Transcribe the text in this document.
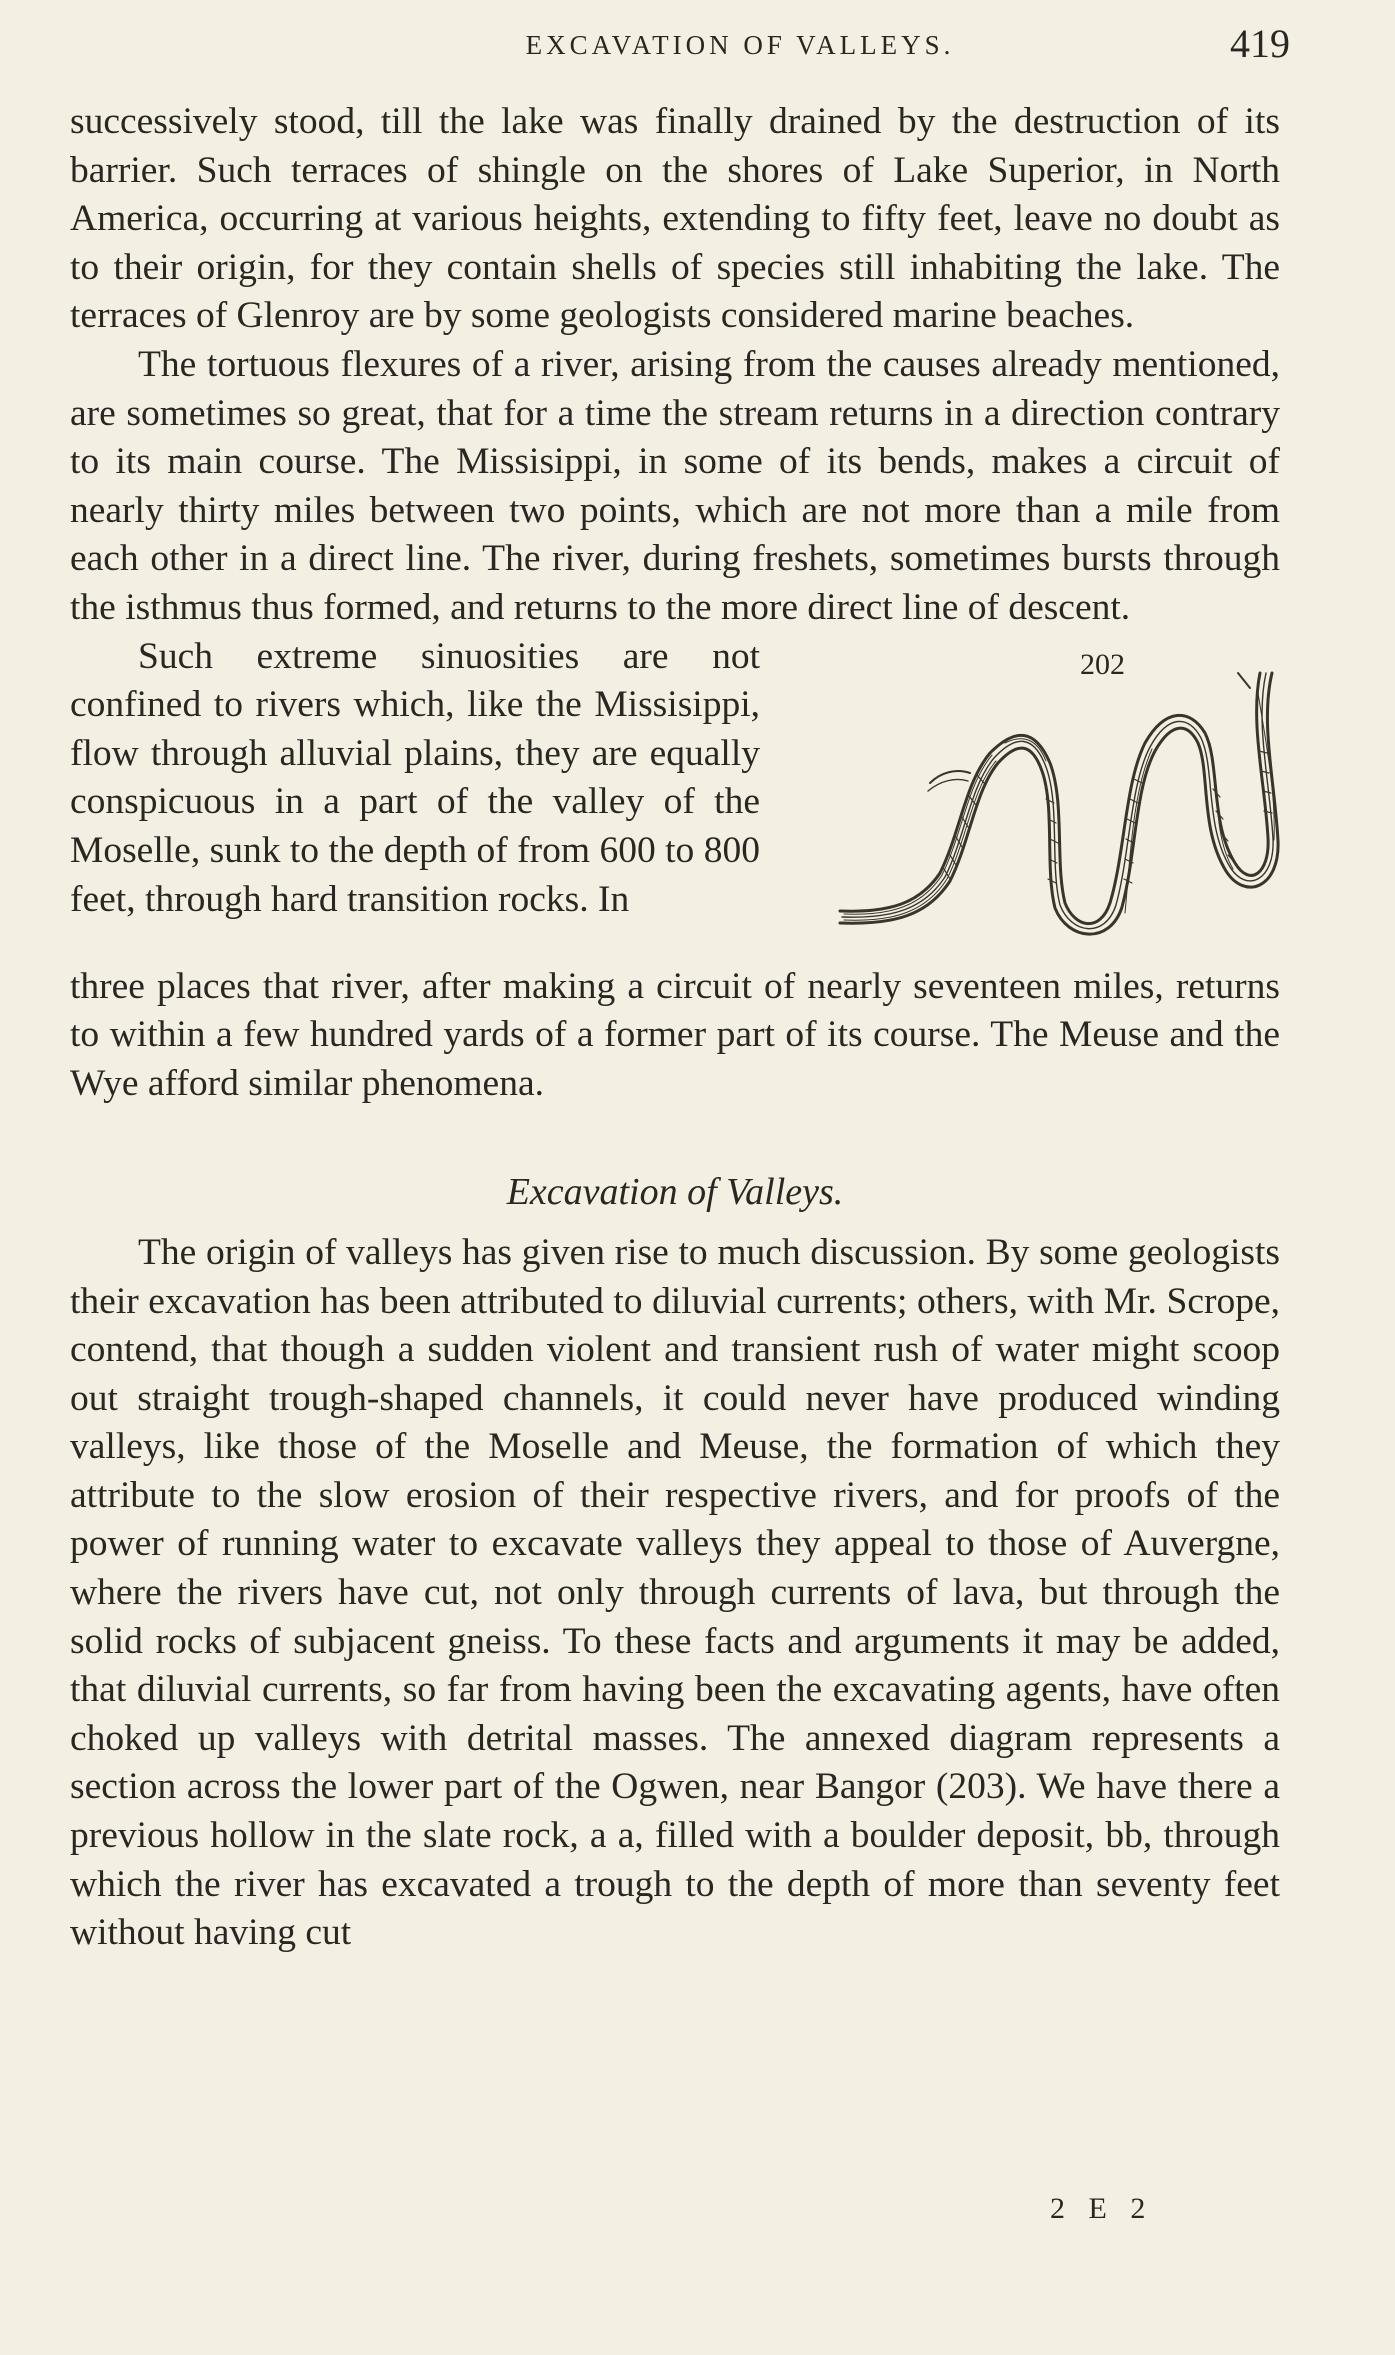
EXCAVATION OF VALLEYS.	419

successively stood, till the lake was finally drained by the destruction of its barrier. Such terraces of shingle on the shores of Lake Superior, in North America, occurring at various heights, extending to fifty feet, leave no doubt as to their origin, for they contain shells of species still inhabiting the lake. The terraces of Glenroy are by some geologists considered marine beaches.

The tortuous flexures of a river, arising from the causes already mentioned, are sometimes so great, that for a time the stream returns in a direction contrary to its main course. The Missisippi, in some of its bends, makes a circuit of nearly thirty miles between two points, which are not more than a mile from each other in a direct line. The river, during freshets, sometimes bursts through the isthmus thus formed, and returns to the more direct line of descent.

202

Such extreme sinuosities are not confined to rivers which, like the Missisippi, flow through alluvial plains, they are equally conspicuous in a part of the valley of the Moselle, sunk to the depth of from 600 to 800 feet, through hard transition rocks. In

three places that river, after making a circuit of nearly seventeen miles, returns to within a few hundred yards of a former part of its course. The Meuse and the Wye afford similar phenomena.

Excavation of Valleys.

The origin of valleys has given rise to much discussion. By some geologists their excavation has been attributed to diluvial currents; others, with Mr. Scrope, contend, that though a sudden violent and transient rush of water might scoop out straight trough-shaped channels, it could never have produced winding valleys, like those of the Moselle and Meuse, the formation of which they attribute to the slow erosion of their respective rivers, and for proofs of the power of running water to excavate valleys they appeal to those of Auvergne, where the rivers have cut, not only through currents of lava, but through the solid rocks of subjacent gneiss. To these facts and arguments it may be added, that diluvial currents, so far from having been the excavating agents, have often choked up valleys with detrital masses. The annexed diagram represents a section across the lower part of the Ogwen, near Bangor (203). We have there a previous hollow in the slate rock, a a, filled with a boulder deposit, bb, through which the river has excavated a trough to the depth of more than seventy feet without having cut

2 E 2
